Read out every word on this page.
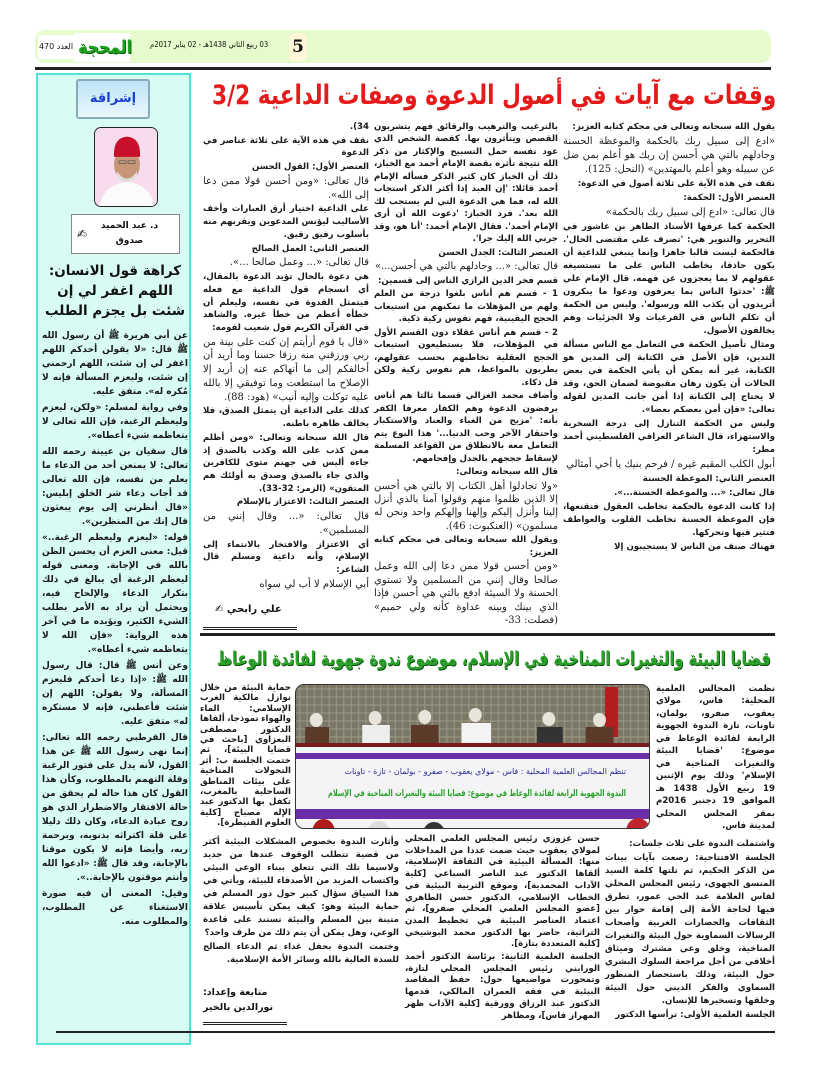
العدد 470	المحجة 03 ربيع الثاني 1438هـ - 02 يناير 2017م	5
إشراقة
✍
د. عبد الحميد صدوق
كراهة قول الانسان: اللهم اغفر لي إن شئت بل يجزم الطلب

عن أبي هريرة ﷺ أن رسول الله ﷺ قال: «لا يقولن أحدكم اللهم اغفر لي إن شئت، اللهم ارحمني إن شئت، وليعزم المسألة فإنه لا مُكره له». متفق عليه.

وفي رواية لمسلم: «ولكن، ليعزم وليعظم الرغبة، فإن الله تعالى لا يتعاظمه شيء أعطاه».

قال سفيان بن عيينة رحمه الله تعالى: لا يمنعن أحد من الدعاء ما يعلم من نفسه، فإن الله تعالى قد أجاب دعاء شر الخلق إبليس: «قال أنظرني إلى يوم يبعثون قال إنك من المنظرين».

قوله: «ليعزم وليعظم الرغبة..» قيل: معنى العزم أن يحسن الظن بالله في الإجابة. ومعنى قوله ليعظم الرغبة أي يبالغ في ذلك بتكرار الدعاء والإلحاح فيه، ويحتمل أن يراد به الأمر بطلب الشيء الكثير، ويؤيده ما في آخر هذه الرواية: «فإن الله لا يتعاظمه شيء أعطاه».

وعن أنس ﷺ قال: قال رسول الله ﷺ: «إذا دعا أحدكم فليعزم المسألة، ولا يقولن: اللهم إن شئت فأعطني، فإنه لا مستكره له» متفق عليه.

قال القرطبي رحمه الله تعالى: إنما نهى رسول الله ﷺ عن هذا القول، لأنه يدل على فتور الرغبة وقلة التهمم بالمطلوب، وكأن هذا القول كان هذا حاله لم يحقق من حالة الافتقار والاضطرار الذي هو روح عبادة الدعاء، وكان ذلك دليلا على قلة اكتراثه بذنوبه، وبرحمة ربه، وأيضا فإنه لا يكون موقنا بالإجابة، وقد قال ﷺ: «ادعوا الله وأنتم موقنون بالإجابة..».

وقيل: المعنى أن فيه صورة الاستغناء عن المطلوب، والمطلوب منه.

وقفات مع آيات في أصول الدعوة وصفات الداعية 3/2

يقول الله سبحانه وتعالى في محكم كتابه العزيز:

«ادع إلى سبيل ربك بالحكمة والموعظة الحسنة وجادلهم بالتي هي أحسن إن ربك هو أعلم بمن ضل عن سبيله وهو أعلم بالمهتدين» (النحل: 125).

نقف في هذه الآية على ثلاثة أصول في الدعوة:

العنصر الأول: الحكمة:

قال تعالى: «ادع إلى سبيل ربك بالحكمة»

الحكمة كما عرفها الأستاذ الطاهر بن عاشور في التحرير والتنوير هي: 'تصرف على مقتضى الحال'. فالحكمة ليست قالبا جاهزا وإنما ينبغي للداعية أن يكون حاذقا، يخاطب الناس على ما تستسيغه عقولهم لا بما يعجزون عن فهمه. قال الإمام علي ﷺ: 'حدثوا الناس بما يعرفون ودعوا ما ينكرون أتريدون أن يكذب الله ورسوله'. وليس من الحكمة أن تكلم الناس في الفرعيات ولا الجزئيات وهم يخالفون الأصول.

ومثال تأصيل الحكمة في التعامل مع الناس مسألة التدين، فإن الأصل في الكتابة إلى المدين هو الكتابة، غير أنه يمكن أن يأتي الحكمة في بعض الحالات أن يكون رهان مقبوضة لضمان الحق، وقد لا يحتاج إلى الكتابة إذا أمن جانب المدين لقوله تعالى: «فإن أمن بعضكم بعضا».

وليس من الحكمة التنازل إلى درجة السخرية والاستهزاء، قال الشاعر العراقي الفلسطيني أحمد مطر:

أبول الكلب المقيم غيره / فرحم بنيك يا أخي أمثالي

العنصر الثاني: الموعظة الحسنة

قال تعالى: «... والموعظة الحسنة...».

إذا كانت الدعوة بالحكمة تخاطب العقول فتقنعها، فإن الموعظة الحسنة تخاطب القلوب والعواطف فتثير فيها وتحركها.

فهناك صنف من الناس لا يستجيبون إلا

بالترغيب والترهيب والرقائق فهم يتشربون القصص ويتأثرون بها. كقصة الشخص الذي عود نفسه حمل التسبيح والإكثار من ذكر الله نتيجة تأثره بقصة الإمام أحمد مع الخباز، ذلك أن الخباز كان كثير الذكر فسأله الإمام أحمد قائلا: 'إن العبد إذا أكثر الذكر استجاب الله له، فما هي الدعوة التي لم يستجب لك الله بعد'. فرد الخباز: 'دعوت الله أن أرى الإمام أحمد'. فقال الإمام أحمد: 'أنا هو، وقد جرني الله إليك جرا'.

العنصر الثالث: الجدل الحسن

قال تعالى: «... وجادلهم بالتي هي أحسن...»

قسم فخر الدين الرازي الناس إلى قسمين:

1 - قسم هم أناس بلغوا درجة من العلم ولهم من المؤهلات ما تمكنهم من استيعاب الحجج اليقينية، فهم نفوس زكية ذكية.

2 - قسم هم أناس عقلاء دون القسم الأول في المؤهلات، فلا يستطيعون استيعاب الحجج العقلية تخاطبهم بحسب عقولهم، يطربون بالمواعظ، هم نفوس زكية ولكن قل ذكاء.

وأضاف محمد الغزالي قسما ثالثا هم أناس يرفضون الدعوة وهم الكفار معرفا الكفر بأنه: 'مزيج من الغباء والعناد والاستكبار واحتقار الآخر وحب الدنيا...' هذا النوع يتم التعامل معه بالانطلاق من القواعد المسلمة لإسقاط حججهم بالجدل وإفحامهم.

قال الله سبحانه وتعالى:

«ولا تجادلوا أهل الكتاب إلا بالتي هي أحسن إلا الذين ظلموا منهم وقولوا آمنا بالذي أنزل إلينا وأنزل إليكم وإلهنا وإلهكم واحد ونحن له مسلمون» (العنكبوت: 46).

ويقول الله سبحانه وتعالى في محكم كتابه العزيز:

«ومن أحسن قولا ممن دعا إلى الله وعمل صالحا وقال إنني من المسلمين ولا تستوي الحسنة ولا السيئة ادفع بالتي هي أحسن فإذا الذي بينك وبينه عداوة كأنه ولي حميم» (فصلت: 33-

34).

نقف في هذه الآية على ثلاثة عناصر في الدعوة

العنصر الأول: القول الحسن

قال تعالى: «ومن أحسن قولا ممن دعا إلى الله».

على الداعية اختيار أرق العبارات وأخف الأساليب ليؤنس المدعوين ويقربهم منه بأسلوب رفيق رقيق.

العنصر الثاني: العمل الصالح

قال تعالى: «... وعمل صالحا ...».

هي دعوة بالحال تؤيد الدعوة بالمقال، أي انسجام قول الداعية مع فعله فيتمثل القدوة في نفسه، وليعلم أن خطأه أعظم من خطأ غيره. والشاهد في القرآن الكريم قول شعيب لقومه:

«قال يا قوم أرأيتم إن كنت على بينة من ربي ورزقني منه رزقا حسنا وما أريد أن أخالفكم إلى ما أنهاكم عنه إن أريد إلا الإصلاح ما استطعت وما توفيقي إلا بالله عليه توكلت وإليه أنيب» (هود: 88).

كذلك على الداعية أن يتمثل الصدق، فلا يخالف ظاهره باطنه.

قال الله سبحانه وتعالى: «ومن أظلم ممن كذب على الله وكذب بالصدق إذ جاءه أليس في جهنم مثوى للكافرين والذي جاء بالصدق وصدق به أولئك هم المتقون» (الزمر: 32-33).

العنصر الثالث: الاعتزاز بالإسلام

قال تعالى: «... وقال إنني من المسلمين».

أي الاعتزاز والافتخار بالانتماء إلى الإسلام، وأنه داعية ومسلم قال الشاعر:

أبي الإسلام لا أب لي سواه

علي رابحي ✍
قضايا البيئة والتغيرات المناخية في الإسلام، موضوع ندوة جهوية لفائدة الوعاظ
تنظم المجالس العلمية المحلية : فاس - مولاي يعقوب - صفرو - بولمان - تازة - تاونات
الندوة الجهوية الرابعة لفائدة الوعاظ في موضوع: قضايا البيئة والتغيرات المناخية في الإسلام
نظمت المجالس العلمية المحلية: فاس، مولاي يعقوب، صفرو، بولمان، تاونات، تازة الندوة الجهوية الرابعة لفائدة الوعاظ في موضوع: 'قضايا البيئة والتغيرات المناخية في الإسلام' وذلك يوم الإثنين 19 ربيع الأول 1438 هـ الموافق 19 دجنبر 2016م بمقر المجلس المحلي لمدينة فاس.
حماية البيئة من خلال نوازل مالكية الغرب الإسلامي: الماء والهواء نموذجا، ألقاها الدكتور مصطفى البعزاوي [باحث في قضايا البيئة]، ثم ختمت الجلسة ب: أثر التحولات المناخية على بيئات المناطق الساحلية بالمغرب، تكفل بها الدكتور عبد الإله مصباح [كلية العلوم القنيطرة].

واشتملت الندوة على ثلاث جلسات:

الجلسة الافتتاحية: رصعت بآيات بينات من الذكر الحكيم، ثم تلتها كلمة السيد المنسق الجهوي، رئيس المجلس المحلي لفاس العلامة عبد الحي عمور، تطرق فيها لحاجة الأمة إلى إقامة حوار بين الثقافات والحضارات الغربية وأصحاب الرسالات السماوية حول البيئة والتغيرات المناخية، وخلق وعي مشترك وميثاق أخلاقي من أجل مراجعة السلوك البشري حول البيئة، وذلك باستحضار المنظور السماوي والفكر الديني حول البيئة وخلقها وتسخيرها للإنسان.

الجلسة العلمية الأولى: ترأسها الدكتور

حسن عزوزي رئيس المجلس العلمي المحلي لمولاي يعقوب حيث ضمت عددا من المداخلات منها: المسألة البيئية في الثقافة الإسلامية، ألقاها الدكتور عبد الناصر السباعي [كلية الآداب المحمدية]، وموقع التربية البيئية في الخطاب الإسلامي، الدكتور حسن الطاهري [عضو المجلس العلمي المحلي صفرو]، ثم اعتماد العناصر البيئية في تخطيط المدن التراثية، حاضر بها الدكتور محمد البوشيخي [كلية المتعددة بتازة].

الجلسة العلمية الثانية: برئاسة الدكتور أحمد الورايني رئيس المجلس المحلي لتازة، وتمحورت مواضيعها حول: حفظ المقاصد البيئية في فقه العمران المالكي، قدمها الدكتور عبد الرزاق وورقية [كلية الآداب ظهر المهراز فاس]، ومظاهر

وأثارت الندوة بخصوص المشكلات البيئية أكثر من قضية تتطلب الوقوف عندها من جديد ولاسيما تلك التي تتعلق ببناء الوعي البيئي واكتساب المزيد من الأصدقاء للبيئة، ويأتي في هذا السياق سؤال كبير حول دور المسلم في حماية البيئة وهو: كيف يمكن تأسيس علاقة متينة بين المسلم والبيئة تستند على قاعدة الوعي، وهل يمكن أن يتم ذلك من طرف واحد؟

وختمت الندوة بحفل غداء ثم الدعاء الصالح للسدة العالية بالله وسائر الأمة الإسلامية.

متابعة وإعداد:
نورالدين بالخير
